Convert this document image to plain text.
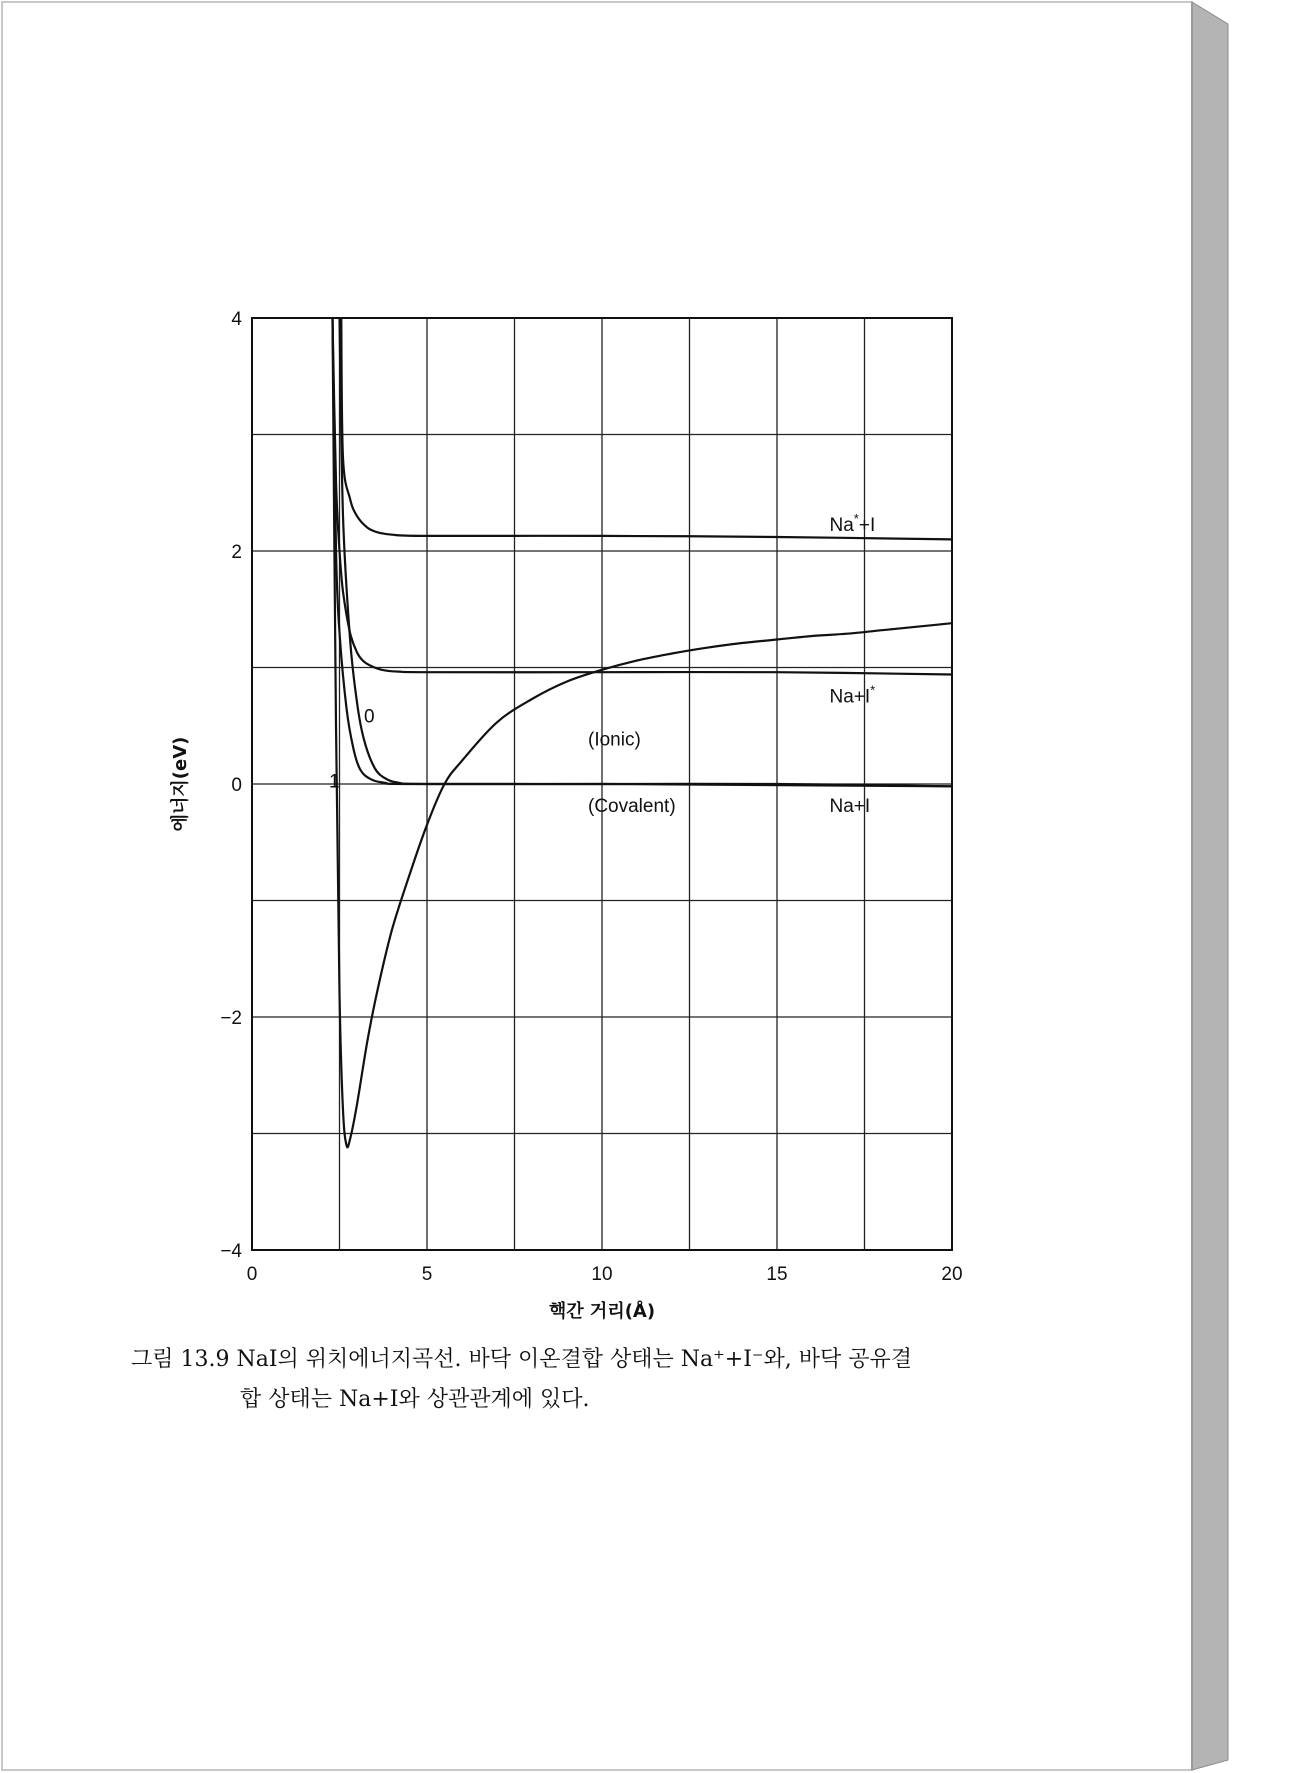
0	5	10	15	20
4
2
0
−2
−4
Na*+I
Na+I*
(Ionic)
(Covalent)	Na+I
0
1
핵간 거리(Å)
에너지(eV)
그림 13.9 NaI의 위치에너지곡선. 바닥 이온결합 상태는 Na⁺+I⁻와, 바닥 공유결
합 상태는 Na+I와 상관관계에 있다.
